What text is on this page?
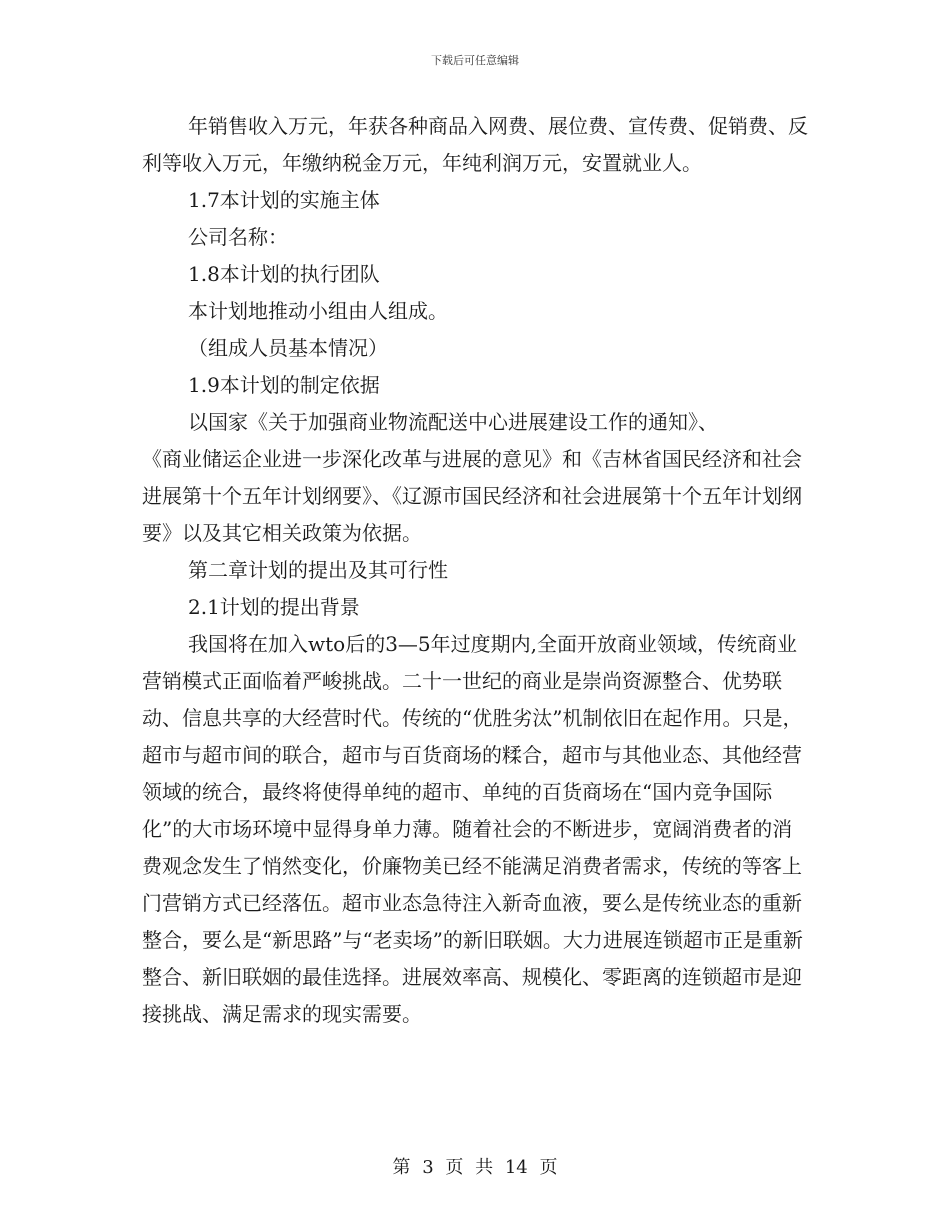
下载后可任意编辑

年销售收入万元，年获各种商品入网费、展位费、宣传费、促销费、反利等收入万元，年缴纳税金万元，年纯利润万元，安置就业人。

1.7本计划的实施主体

公司名称：

1.8本计划的执行团队

本计划地推动小组由人组成。

（组成人员基本情况）

1.9本计划的制定依据

以国家《关于加强商业物流配送中心进展建设工作的通知》、

《商业储运企业进一步深化改革与进展的意见》和《吉林省国民经济和社会进展第十个五年计划纲要》、《辽源市国民经济和社会进展第十个五年计划纲要》以及其它相关政策为依据。

第二章计划的提出及其可行性

2.1计划的提出背景

我国将在加入wto后的3—5年过度期内,全面开放商业领域，传统商业营销模式正面临着严峻挑战。二十一世纪的商业是崇尚资源整合、优势联动、信息共享的大经营时代。传统的“优胜劣汰”机制依旧在起作用。只是，超市与超市间的联合，超市与百货商场的糅合，超市与其他业态、其他经营领域的统合，最终将使得单纯的超市、单纯的百货商场在“国内竞争国际化”的大市场环境中显得身单力薄。随着社会的不断进步，宽阔消费者的消费观念发生了悄然变化，价廉物美已经不能满足消费者需求，传统的等客上门营销方式已经落伍。超市业态急待注入新奇血液，要么是传统业态的重新整合，要么是“新思路”与“老卖场”的新旧联姻。大力进展连锁超市正是重新整合、新旧联姻的最佳选择。进展效率高、规模化、零距离的连锁超市是迎接挑战、满足需求的现实需要。

第 3 页 共 14 页
